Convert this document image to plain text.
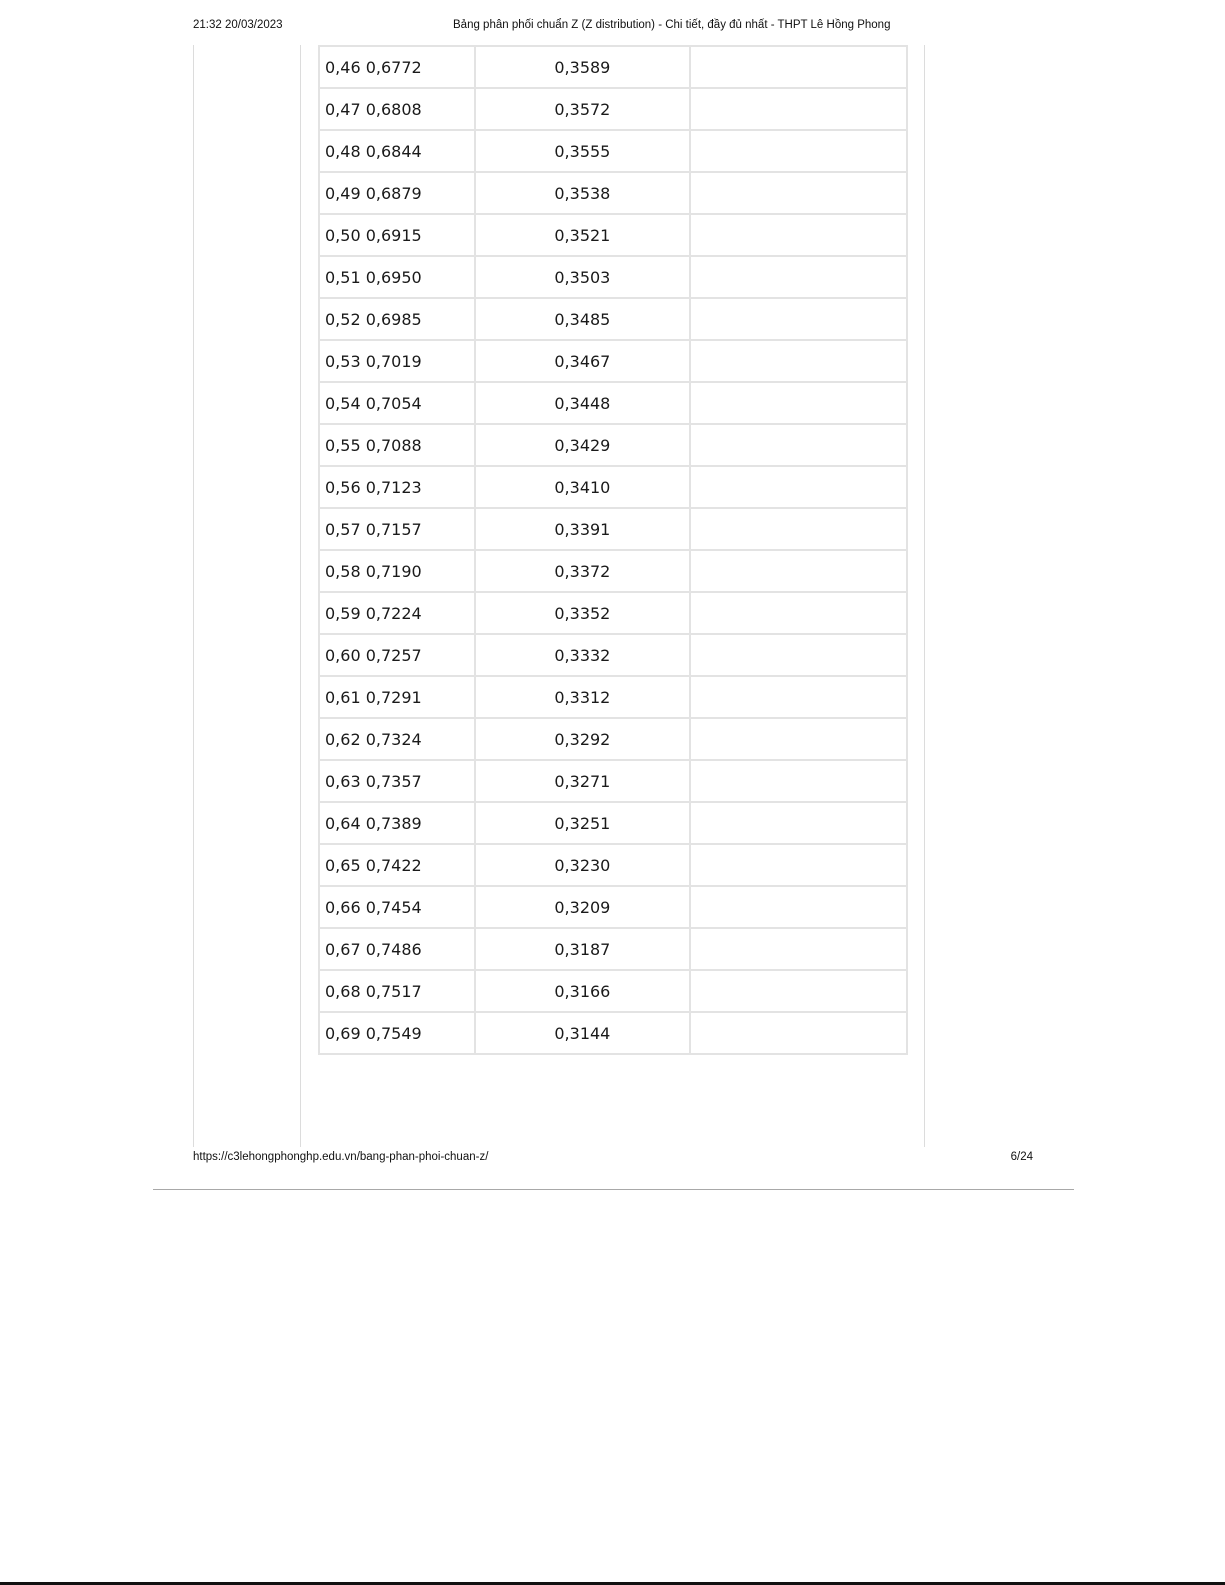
21:32 20/03/2023	Bảng phân phối chuẩn Z (Z distribution) - Chi tiết, đầy đủ nhất - THPT Lê Hồng Phong
0,46 0,6772	0,3589	
0,47 0,6808	0,3572	
0,48 0,6844	0,3555	
0,49 0,6879	0,3538	
0,50 0,6915	0,3521	
0,51 0,6950	0,3503	
0,52 0,6985	0,3485	
0,53 0,7019	0,3467	
0,54 0,7054	0,3448	
0,55 0,7088	0,3429	
0,56 0,7123	0,3410	
0,57 0,7157	0,3391	
0,58 0,7190	0,3372	
0,59 0,7224	0,3352	
0,60 0,7257	0,3332	
0,61 0,7291	0,3312	
0,62 0,7324	0,3292	
0,63 0,7357	0,3271	
0,64 0,7389	0,3251	
0,65 0,7422	0,3230	
0,66 0,7454	0,3209	
0,67 0,7486	0,3187	
0,68 0,7517	0,3166	
0,69 0,7549	0,3144	
https://c3lehongphonghp.edu.vn/bang-phan-phoi-chuan-z/	6/24
